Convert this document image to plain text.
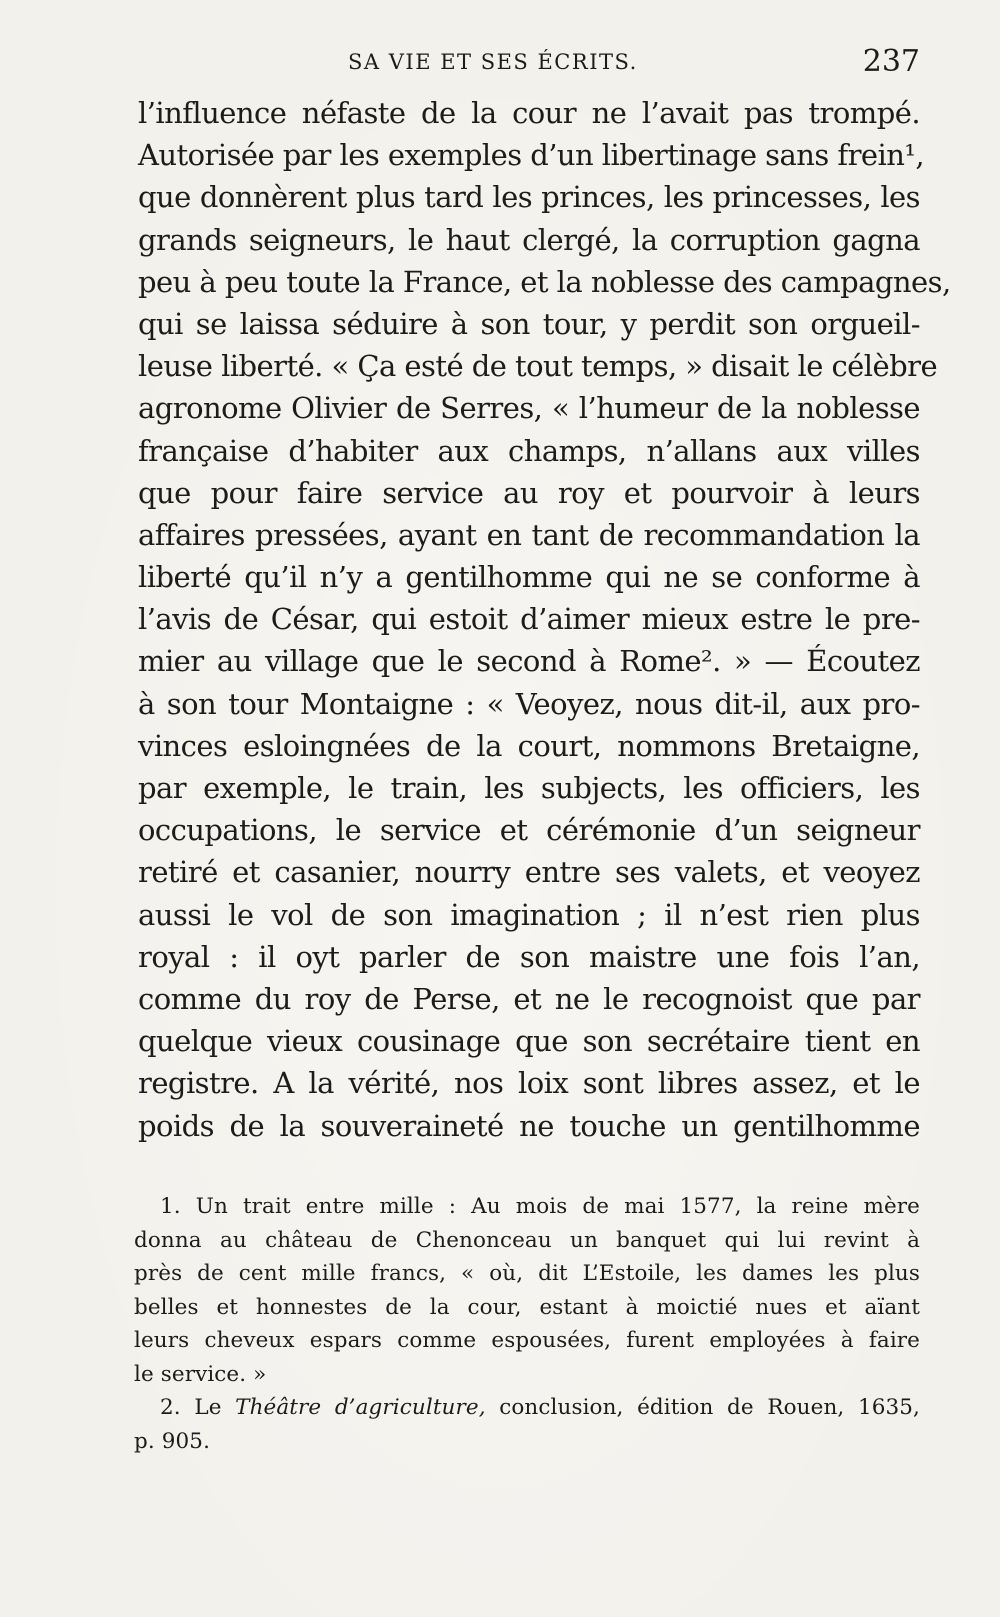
SA VIE ET SES ÉCRITS.	237
l’influence néfaste de la cour ne l’avait pas trompé.
Autorisée par les exemples d’un libertinage sans frein¹,
que donnèrent plus tard les princes, les princesses, les
grands seigneurs, le haut clergé, la corruption gagna
peu à peu toute la France, et la noblesse des campagnes,
qui se laissa séduire à son tour, y perdit son orgueil-
leuse liberté. « Ça esté de tout temps, » disait le célèbre
agronome Olivier de Serres, « l’humeur de la noblesse
française d’habiter aux champs, n’allans aux villes
que pour faire service au roy et pourvoir à leurs
affaires pressées, ayant en tant de recommandation la
liberté qu’il n’y a gentilhomme qui ne se conforme à
l’avis de César, qui estoit d’aimer mieux estre le pre-
mier au village que le second à Rome². » — Écoutez
à son tour Montaigne : « Veoyez, nous dit-il, aux pro-
vinces esloingnées de la court, nommons Bretaigne,
par exemple, le train, les subjects, les officiers, les
occupations, le service et cérémonie d’un seigneur
retiré et casanier, nourry entre ses valets, et veoyez
aussi le vol de son imagination ; il n’est rien plus
royal : il oyt parler de son maistre une fois l’an,
comme du roy de Perse, et ne le recognoist que par
quelque vieux cousinage que son secrétaire tient en
registre. A la vérité, nos loix sont libres assez, et le
poids de la souveraineté ne touche un gentilhomme
1. Un trait entre mille : Au mois de mai 1577, la reine mère
donna au château de Chenonceau un banquet qui lui revint à
près de cent mille francs, « où, dit L’Estoile, les dames les plus
belles et honnestes de la cour, estant à moictié nues et aïant
leurs cheveux espars comme espousées, furent employées à faire
le service. »
2. Le Théâtre d’agriculture, conclusion, édition de Rouen, 1635,
p. 905.
